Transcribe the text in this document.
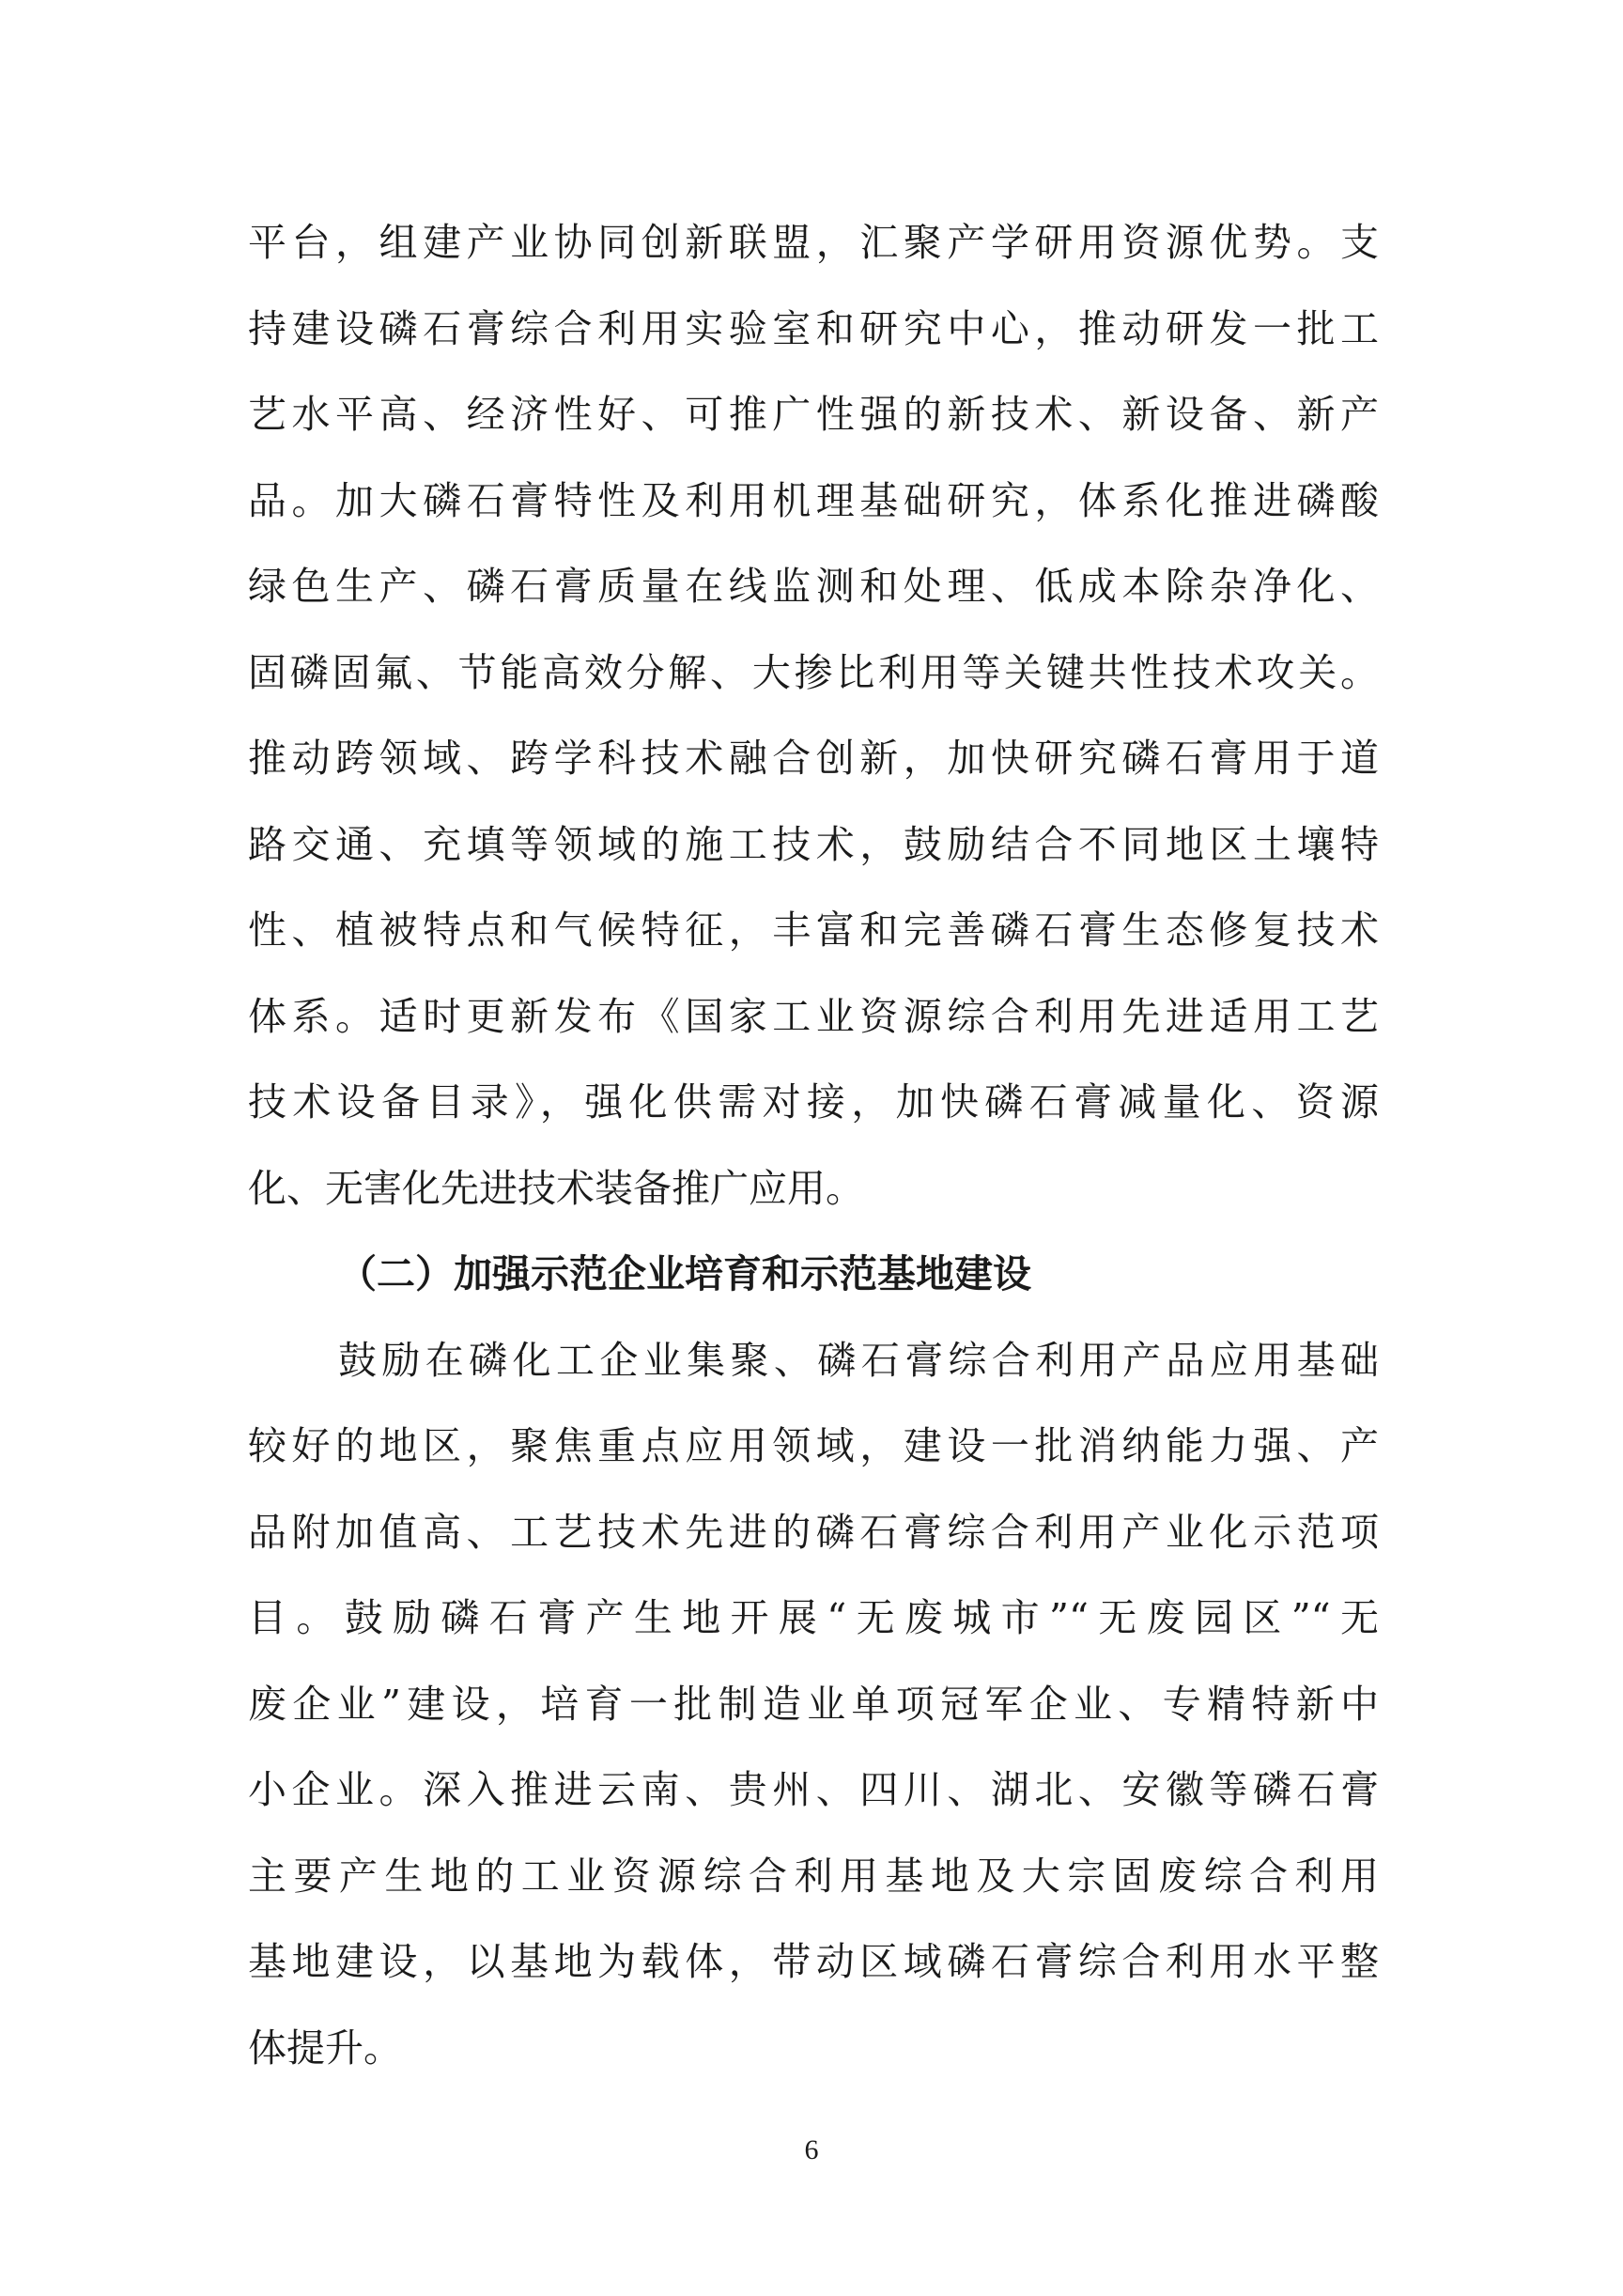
平台，组建产业协同创新联盟，汇聚产学研用资源优势。支
持建设磷石膏综合利用实验室和研究中心，推动研发一批工
艺水平高、经济性好、可推广性强的新技术、新设备、新产
品。加大磷石膏特性及利用机理基础研究，体系化推进磷酸
绿色生产、磷石膏质量在线监测和处理、低成本除杂净化、
固磷固氟、节能高效分解、大掺比利用等关键共性技术攻关。
推动跨领域、跨学科技术融合创新，加快研究磷石膏用于道
路交通、充填等领域的施工技术，鼓励结合不同地区土壤特
性、植被特点和气候特征，丰富和完善磷石膏生态修复技术
体系。适时更新发布《国家工业资源综合利用先进适用工艺
技术设备目录》，强化供需对接，加快磷石膏减量化、资源
化、无害化先进技术装备推广应用。
（二）加强示范企业培育和示范基地建设
鼓励在磷化工企业集聚、磷石膏综合利用产品应用基础
较好的地区，聚焦重点应用领域，建设一批消纳能力强、产
品附加值高、工艺技术先进的磷石膏综合利用产业化示范项
目。鼓励磷石膏产生地开展“无废城市”“无废园区”“无
废企业”建设，培育一批制造业单项冠军企业、专精特新中
小企业。深入推进云南、贵州、四川、湖北、安徽等磷石膏
主要产生地的工业资源综合利用基地及大宗固废综合利用
基地建设，以基地为载体，带动区域磷石膏综合利用水平整
体提升。
6
